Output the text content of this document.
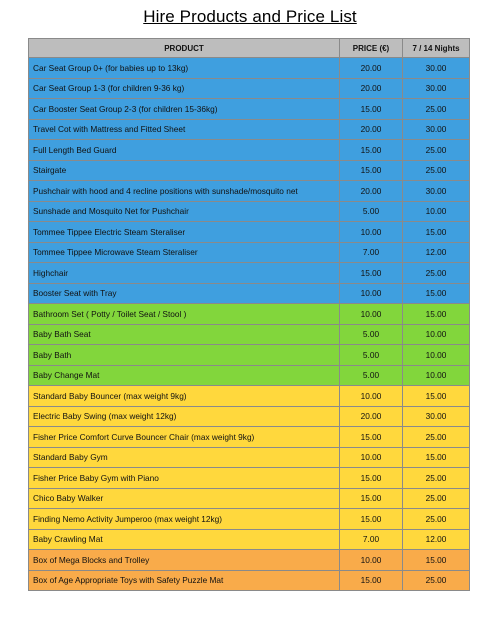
Hire Products and Price List
PRODUCT	PRICE (€)	7 / 14 Nights
Car Seat Group 0+ (for babies up to 13kg)	20.00	30.00
Car Seat Group 1-3 (for children 9-36 kg)	20.00	30.00
Car Booster Seat Group 2-3 (for children 15-36kg)	15.00	25.00
Travel Cot with Mattress and Fitted Sheet	20.00	30.00
Full Length Bed Guard	15.00	25.00
Stairgate	15.00	25.00
Pushchair with hood and 4 recline positions with sunshade/mosquito net	20.00	30.00
Sunshade and Mosquito Net for Pushchair	5.00	10.00
Tommee Tippee Electric Steam Steraliser	10.00	15.00
Tommee Tippee Microwave Steam Steraliser	7.00	12.00
Highchair	15.00	25.00
Booster Seat with Tray	10.00	15.00
Bathroom Set ( Potty / Toilet Seat / Stool )	10.00	15.00
Baby Bath Seat	5.00	10.00
Baby Bath	5.00	10.00
Baby Change Mat	5.00	10.00
Standard Baby Bouncer (max weight 9kg)	10.00	15.00
Electric Baby Swing (max weight 12kg)	20.00	30.00
Fisher Price Comfort Curve Bouncer Chair (max weight 9kg)	15.00	25.00
Standard Baby Gym	10.00	15.00
Fisher Price Baby Gym with Piano	15.00	25.00
Chico Baby Walker	15.00	25.00
Finding Nemo Activity Jumperoo (max weight 12kg)	15.00	25.00
Baby Crawling Mat	7.00	12.00
Box of Mega Blocks and Trolley	10.00	15.00
Box of Age Appropriate Toys with Safety Puzzle Mat	15.00	25.00
